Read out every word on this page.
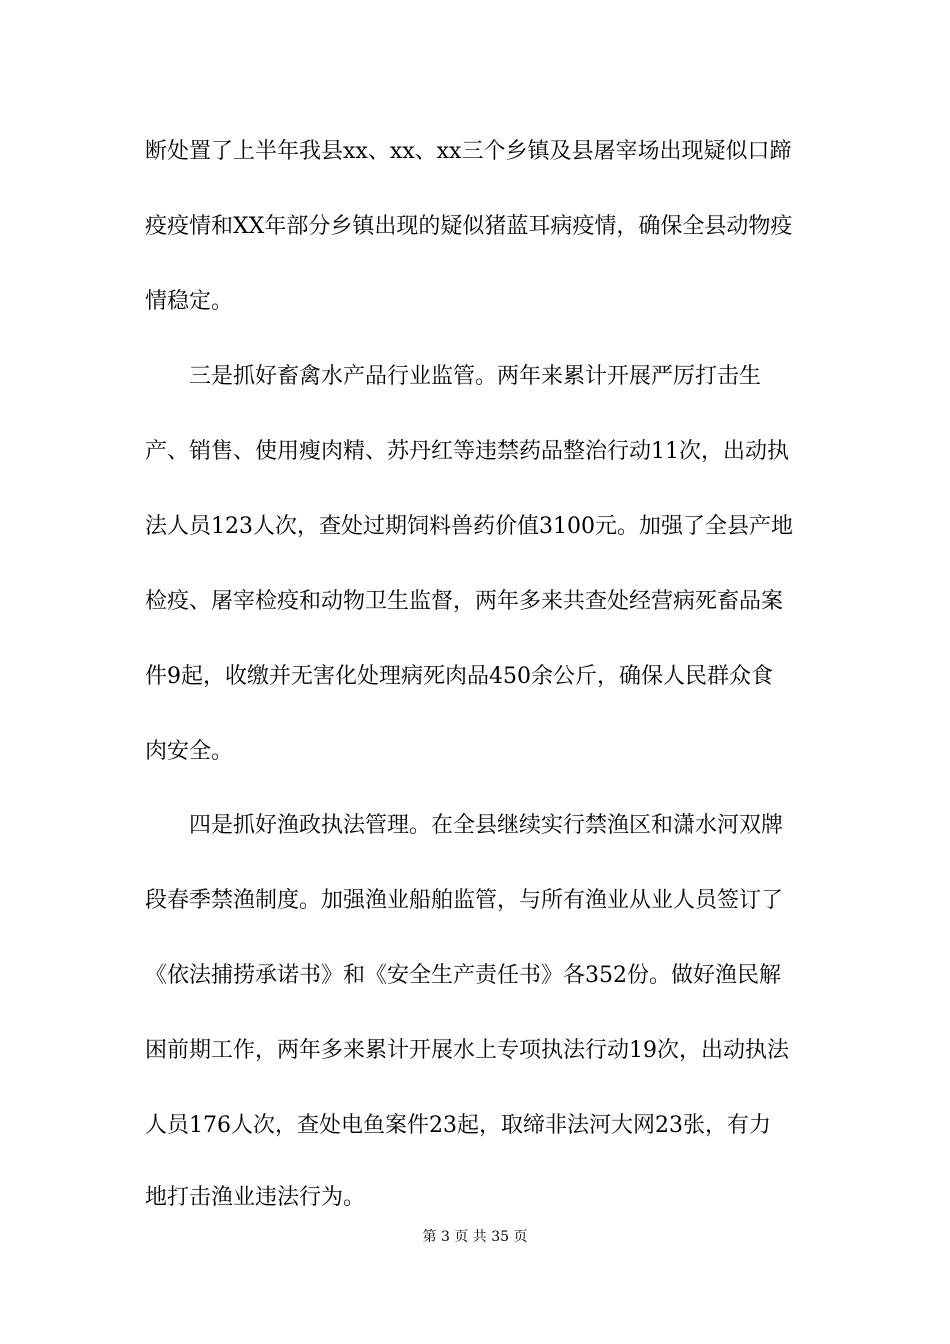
断处置了上半年我县xx、xx、xx三个乡镇及县屠宰场出现疑似口蹄
疫疫情和XX年部分乡镇出现的疑似猪蓝耳病疫情，确保全县动物疫
情稳定。
　　三是抓好畜禽水产品行业监管。两年来累计开展严厉打击生
产、销售、使用瘦肉精、苏丹红等违禁药品整治行动11次，出动执
法人员123人次，查处过期饲料兽药价值3100元。加强了全县产地
检疫、屠宰检疫和动物卫生监督，两年多来共查处经营病死畜品案
件9起，收缴并无害化处理病死肉品450余公斤，确保人民群众食
肉安全。
　　四是抓好渔政执法管理。在全县继续实行禁渔区和潇水河双牌
段春季禁渔制度。加强渔业船舶监管，与所有渔业从业人员签订了
《依法捕捞承诺书》和《安全生产责任书》各352份。做好渔民解
困前期工作，两年多来累计开展水上专项执法行动19次，出动执法
人员176人次，查处电鱼案件23起，取缔非法河大网23张，有力
地打击渔业违法行为。
第 3 页 共 35 页
